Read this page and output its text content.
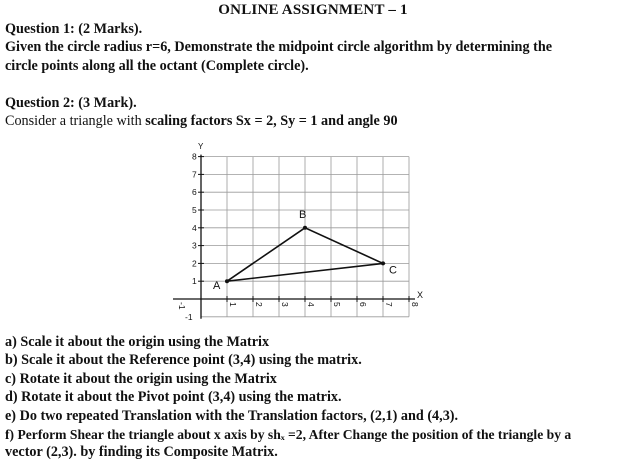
ONLINE ASSIGNMENT – 1
Question 1: (2 Marks).
Given the circle radius r=6, Demonstrate the midpoint circle algorithm by determining the
circle points along all the octant (Complete circle).
Question 2: (3 Mark).
Consider a triangle with scaling factors Sx = 2, Sy = 1 and angle 90
Y
X
-1	1 2 3 4 5 6 7 8
8
7
6
5
4
3
2
1
-1
A
B
C
a) Scale it about the origin using the Matrix
b) Scale it about the Reference point (3,4) using the matrix.
c) Rotate it about the origin using the Matrix
d) Rotate it about the Pivot point (3,4) using the matrix.
e) Do two repeated Translation with the Translation factors, (2,1) and (4,3).
f) Perform Shear the triangle about x axis by shₓ =2, After Change the position of the triangle by a
vector (2,3). by finding its Composite Matrix.
